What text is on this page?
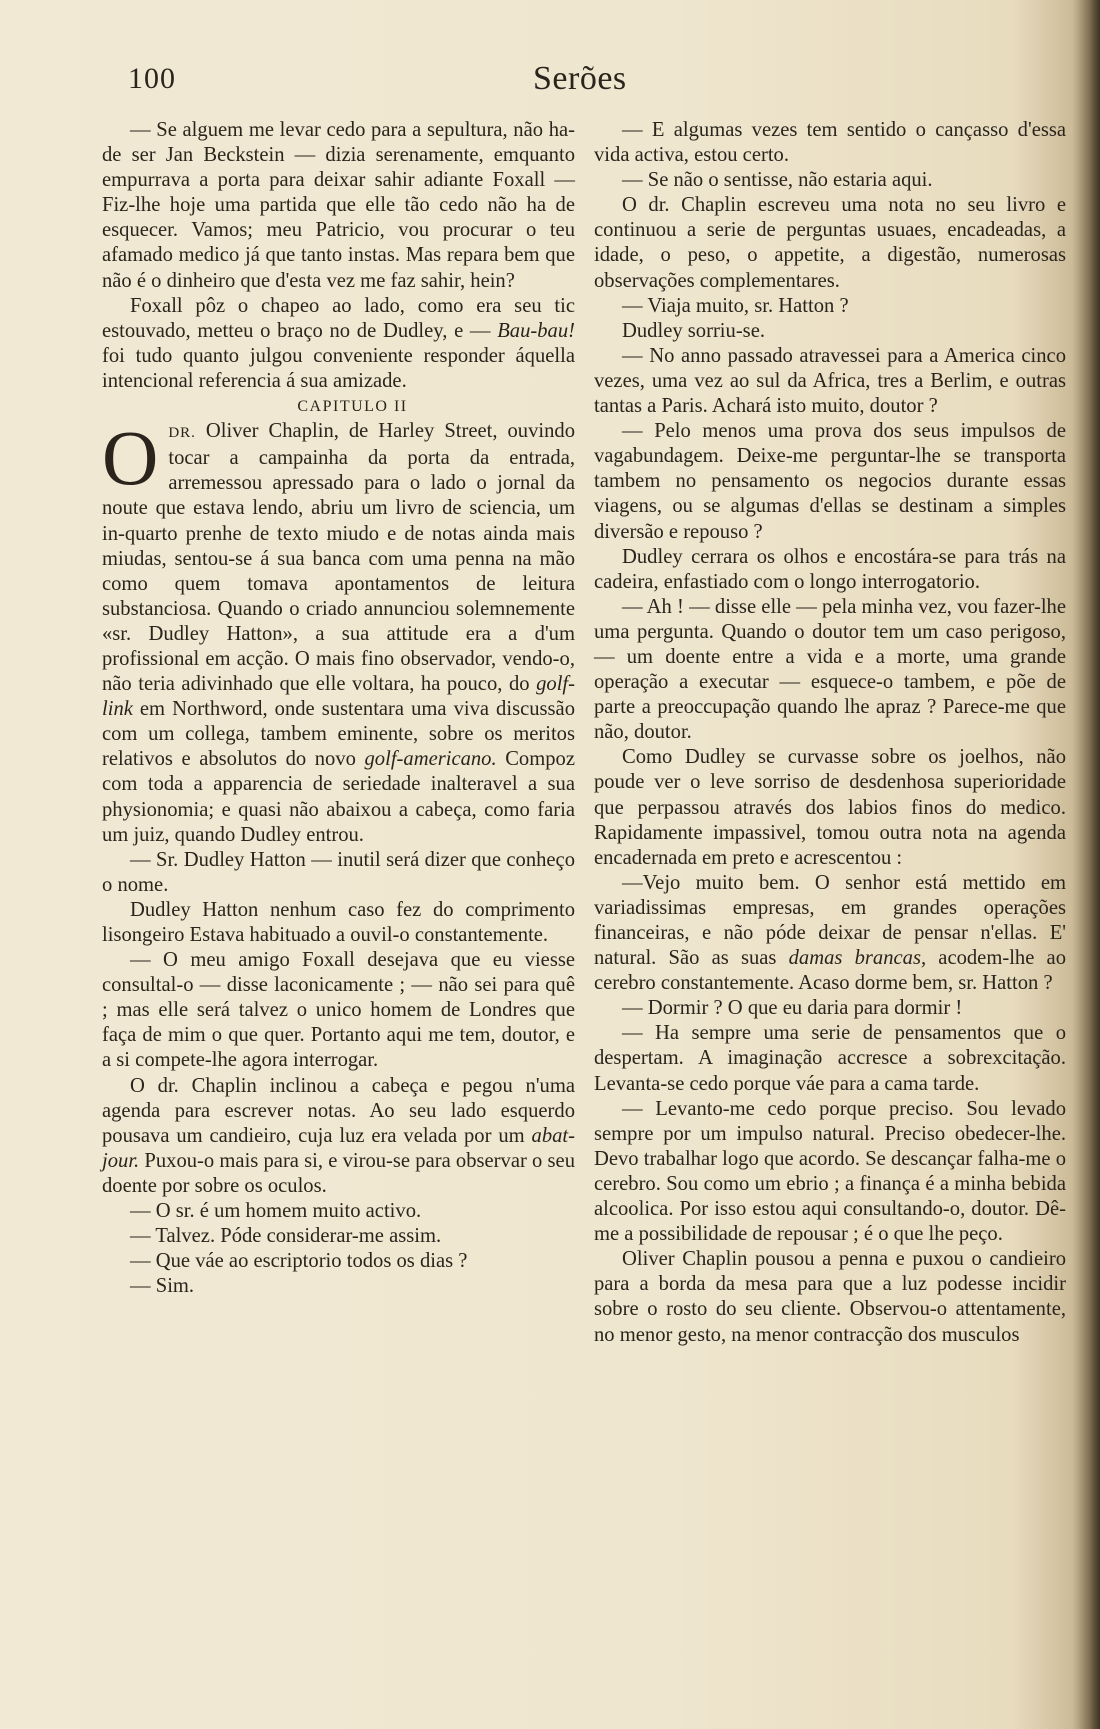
100	Serões

— Se alguem me levar cedo para a sepultura, não ha-de ser Jan Beckstein — dizia serenamente, emquanto empurrava a porta para deixar sahir adiante Foxall — Fiz-lhe hoje uma partida que elle tão cedo não ha de esquecer. Vamos; meu Patricio, vou procurar o teu afamado medico já que tanto instas. Mas repara bem que não é o dinheiro que d'esta vez me faz sahir, hein?

Foxall pôz o chapeo ao lado, como era seu tic estouvado, metteu o braço no de Dudley, e — Bau-bau! foi tudo quanto julgou conveniente responder áquella intencional referencia á sua amizade.

CAPITULO II

ODR. Oliver Chaplin, de Harley Street, ouvindo tocar a campainha da porta da entrada, arremessou apressado para o lado o jornal da noute que estava lendo, abriu um livro de sciencia, um in-quarto prenhe de texto miudo e de notas ainda mais miudas, sentou-se á sua banca com uma penna na mão como quem tomava apontamentos de leitura substanciosa. Quando o criado annunciou solemnemente «sr. Dudley Hatton», a sua attitude era a d'um profissional em acção. O mais fino observador, vendo-o, não teria adivinhado que elle voltara, ha pouco, do golf-link em Northword, onde sustentara uma viva discussão com um collega, tambem eminente, sobre os meritos relativos e absolutos do novo golf-americano. Compoz com toda a apparencia de seriedade inalteravel a sua physionomia; e quasi não abaixou a cabeça, como faria um juiz, quando Dudley entrou.

— Sr. Dudley Hatton — inutil será dizer que conheço o nome.

Dudley Hatton nenhum caso fez do comprimento lisongeiro Estava habituado a ouvil-o constantemente.

— O meu amigo Foxall desejava que eu viesse consultal-o — disse laconicamente ; — não sei para quê ; mas elle será talvez o unico homem de Londres que faça de mim o que quer. Portanto aqui me tem, doutor, e a si compete-lhe agora interrogar.

O dr. Chaplin inclinou a cabeça e pegou n'uma agenda para escrever notas. Ao seu lado esquerdo pousava um candieiro, cuja luz era velada por um abat-jour. Puxou-o mais para si, e virou-se para observar o seu doente por sobre os oculos.

— O sr. é um homem muito activo.

— Talvez. Póde considerar-me assim.

— Que váe ao escriptorio todos os dias ?

— Sim.

— E algumas vezes tem sentido o cançasso d'essa vida activa, estou certo.

— Se não o sentisse, não estaria aqui.

O dr. Chaplin escreveu uma nota no seu livro e continuou a serie de perguntas usuaes, encadeadas, a idade, o peso, o appetite, a digestão, numerosas observações complementares.

— Viaja muito, sr. Hatton ?

Dudley sorriu-se.

— No anno passado atravessei para a America cinco vezes, uma vez ao sul da Africa, tres a Berlim, e outras tantas a Paris. Achará isto muito, doutor ?

— Pelo menos uma prova dos seus impulsos de vagabundagem. Deixe-me perguntar-lhe se transporta tambem no pensamento os negocios durante essas viagens, ou se algumas d'ellas se destinam a simples diversão e repouso ?

Dudley cerrara os olhos e encostára-se para trás na cadeira, enfastiado com o longo interrogatorio.

— Ah ! — disse elle — pela minha vez, vou fazer-lhe uma pergunta. Quando o doutor tem um caso perigoso, — um doente entre a vida e a morte, uma grande operação a executar — esquece-o tambem, e põe de parte a preoccupação quando lhe apraz ? Parece-me que não, doutor.

Como Dudley se curvasse sobre os joelhos, não poude ver o leve sorriso de desdenhosa superioridade que perpassou através dos labios finos do medico. Rapidamente impassivel, tomou outra nota na agenda encadernada em preto e acrescentou :

—Vejo muito bem. O senhor está mettido em variadissimas empresas, em grandes operações financeiras, e não póde deixar de pensar n'ellas. E' natural. São as suas damas brancas, acodem-lhe ao cerebro constantemente. Acaso dorme bem, sr. Hatton ?

— Dormir ? O que eu daria para dormir !

— Ha sempre uma serie de pensamentos que o despertam. A imaginação accresce a sobrexcitação. Levanta-se cedo porque váe para a cama tarde.

— Levanto-me cedo porque preciso. Sou levado sempre por um impulso natural. Preciso obedecer-lhe. Devo trabalhar logo que acordo. Se descançar falha-me o cerebro. Sou como um ebrio ; a finança é a minha bebida alcoolica. Por isso estou aqui consultando-o, doutor. Dê-me a possibilidade de repousar ; é o que lhe peço.

Oliver Chaplin pousou a penna e puxou o candieiro para a borda da mesa para que a luz podesse incidir sobre o rosto do seu cliente. Observou-o attentamente, no menor gesto, na menor contracção dos musculos
